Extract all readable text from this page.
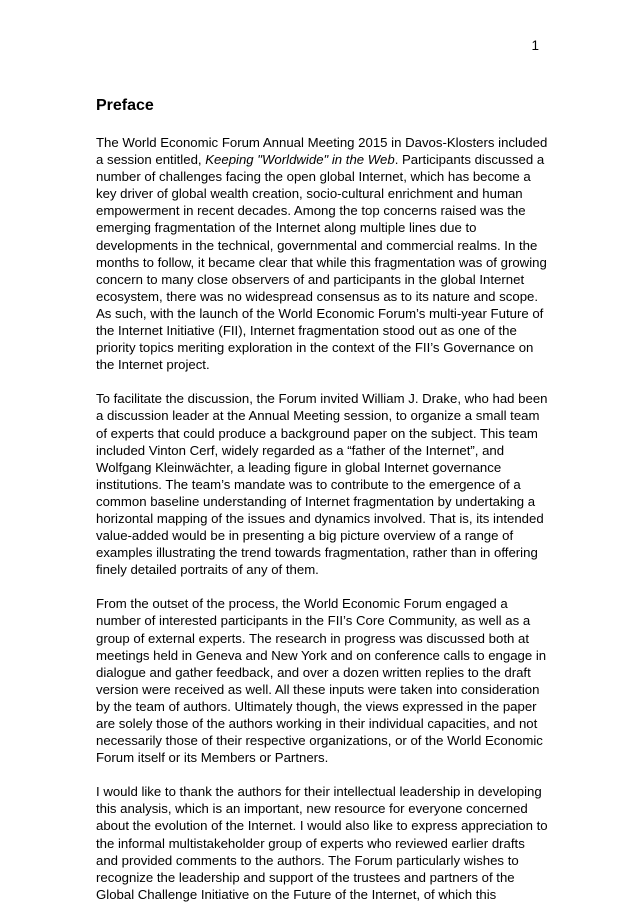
1

Preface

The World Economic Forum Annual Meeting 2015 in Davos-Klosters included a session entitled, Keeping "Worldwide" in the Web. Participants discussed a number of challenges facing the open global Internet, which has become a key driver of global wealth creation, socio-cultural enrichment and human empowerment in recent decades. Among the top concerns raised was the emerging fragmentation of the Internet along multiple lines due to developments in the technical, governmental and commercial realms. In the months to follow, it became clear that while this fragmentation was of growing concern to many close observers of and participants in the global Internet ecosystem, there was no widespread consensus as to its nature and scope. As such, with the launch of the World Economic Forum’s multi-year Future of the Internet Initiative (FII), Internet fragmentation stood out as one of the priority topics meriting exploration in the context of the FII’s Governance on the Internet project.

To facilitate the discussion, the Forum invited William J. Drake, who had been a discussion leader at the Annual Meeting session, to organize a small team of experts that could produce a background paper on the subject. This team included Vinton Cerf, widely regarded as a “father of the Internet”, and Wolfgang Kleinwächter, a leading figure in global Internet governance institutions. The team’s mandate was to contribute to the emergence of a common baseline understanding of Internet fragmentation by undertaking a horizontal mapping of the issues and dynamics involved. That is, its intended value-added would be in presenting a big picture overview of a range of examples illustrating the trend towards fragmentation, rather than in offering finely detailed portraits of any of them.

From the outset of the process, the World Economic Forum engaged a number of interested participants in the FII’s Core Community, as well as a group of external experts. The research in progress was discussed both at meetings held in Geneva and New York and on conference calls to engage in dialogue and gather feedback, and over a dozen written replies to the draft version were received as well. All these inputs were taken into consideration by the team of authors. Ultimately though, the views expressed in the paper are solely those of the authors working in their individual capacities, and not necessarily those of their respective organizations, or of the World Economic Forum itself or its Members or Partners.

I would like to thank the authors for their intellectual leadership in developing this analysis, which is an important, new resource for everyone concerned about the evolution of the Internet. I would also like to express appreciation to the informal multistakeholder group of experts who reviewed earlier drafts and provided comments to the authors. The Forum particularly wishes to recognize the leadership and support of the trustees and partners of the Global Challenge Initiative on the Future of the Internet, of which this
